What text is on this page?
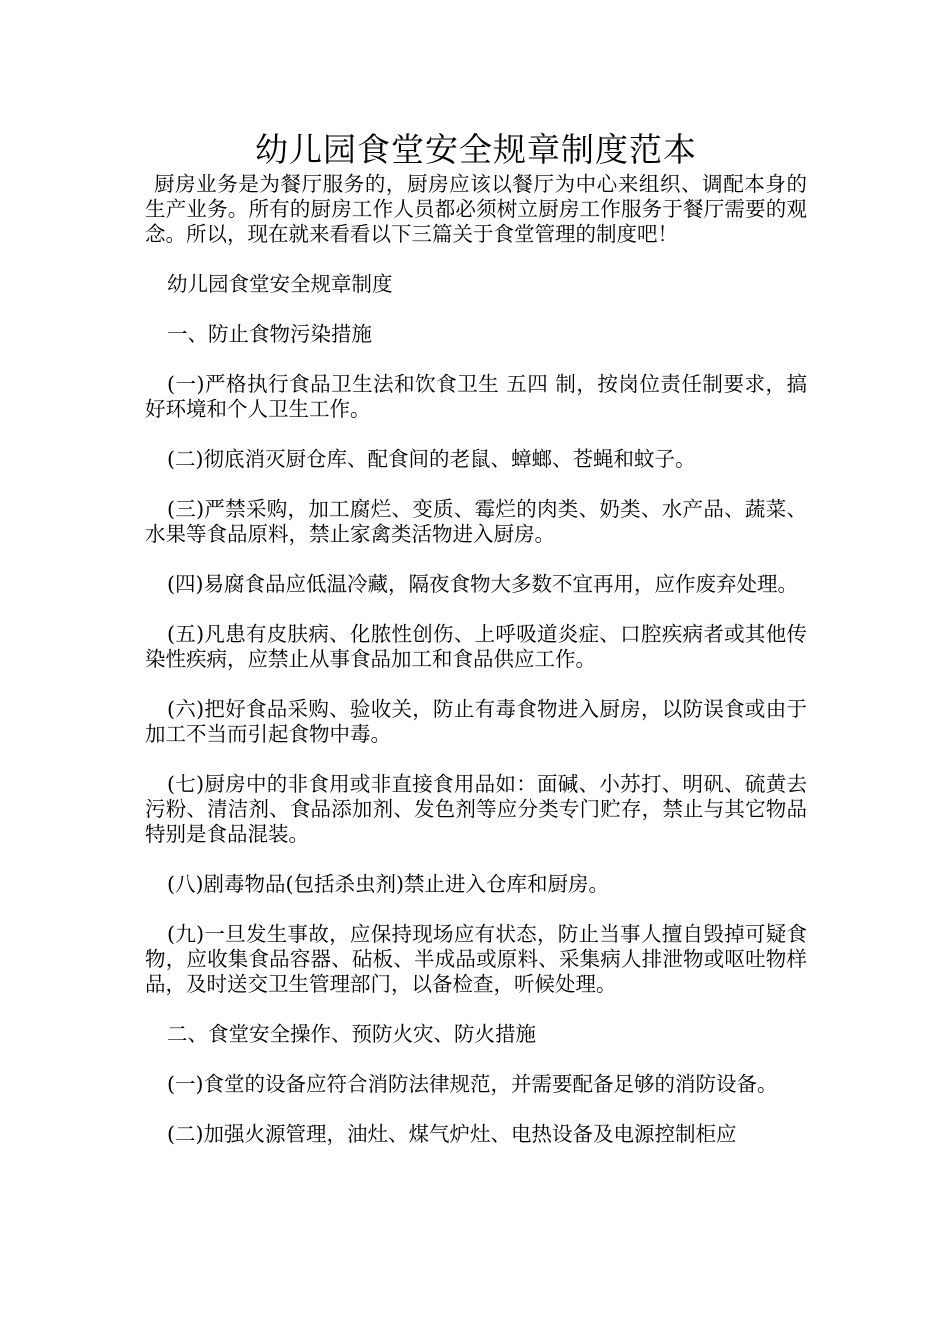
幼儿园食堂安全规章制度范本

厨房业务是为餐厅服务的，厨房应该以餐厅为中心来组织、调配本身的生产业务。所有的厨房工作人员都必须树立厨房工作服务于餐厅需要的观念。所以，现在就来看看以下三篇关于食堂管理的制度吧！

幼儿园食堂安全规章制度

一、防止食物污染措施

(一)严格执行食品卫生法和饮食卫生 五四 制，按岗位责任制要求，搞好环境和个人卫生工作。

(二)彻底消灭厨仓库、配食间的老鼠、蟑螂、苍蝇和蚊子。

(三)严禁采购，加工腐烂、变质、霉烂的肉类、奶类、水产品、蔬菜、水果等食品原料，禁止家禽类活物进入厨房。

(四)易腐食品应低温冷藏，隔夜食物大多数不宜再用，应作废弃处理。

(五)凡患有皮肤病、化脓性创伤、上呼吸道炎症、口腔疾病者或其他传染性疾病，应禁止从事食品加工和食品供应工作。

(六)把好食品采购、验收关，防止有毒食物进入厨房，以防误食或由于加工不当而引起食物中毒。

(七)厨房中的非食用或非直接食用品如：面碱、小苏打、明矾、硫黄去污粉、清洁剂、食品添加剂、发色剂等应分类专门贮存，禁止与其它物品特别是食品混装。

(八)剧毒物品(包括杀虫剂)禁止进入仓库和厨房。

(九)一旦发生事故，应保持现场应有状态，防止当事人擅自毁掉可疑食物，应收集食品容器、砧板、半成品或原料、采集病人排泄物或呕吐物样品，及时送交卫生管理部门，以备检查，听候处理。

二、食堂安全操作、预防火灾、防火措施

(一)食堂的设备应符合消防法律规范，并需要配备足够的消防设备。

(二)加强火源管理，油灶、煤气炉灶、电热设备及电源控制柜应
